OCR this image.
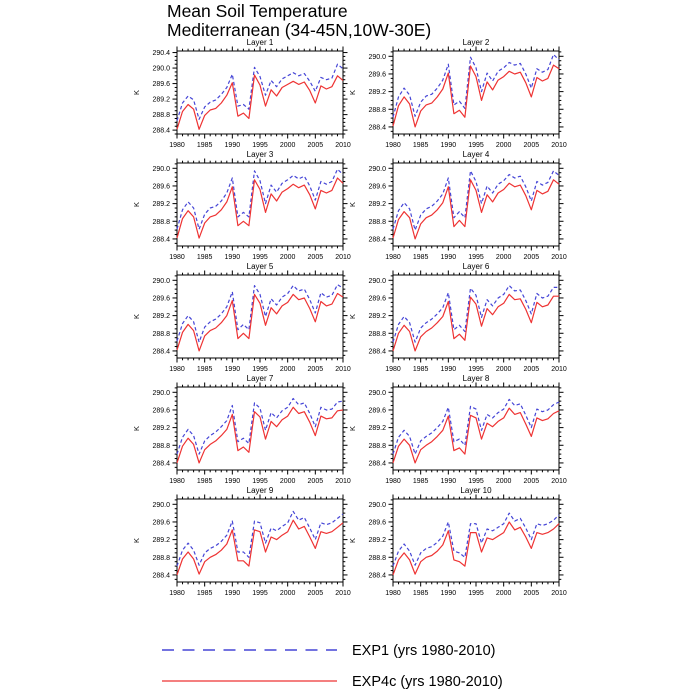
Mean Soil Temperature
Mediterranean (34-45N,10W-30E)
1980 1985 1990 1995 2000 2005 2010
288.4
288.8
289.2
289.6
290.0
290.4
Layer 1
K
1980 1985 1990 1995 2000 2005 2010
288.4
288.8
289.2
289.6
290.0
Layer 2
K
1980 1985 1990 1995 2000 2005 2010
288.4
288.8
289.2
289.6
290.0
Layer 3
K
1980 1985 1990 1995 2000 2005 2010
288.4
288.8
289.2
289.6
290.0
Layer 4
K
1980 1985 1990 1995 2000 2005 2010
288.4
288.8
289.2
289.6
290.0
Layer 5
K
1980 1985 1990 1995 2000 2005 2010
288.4
288.8
289.2
289.6
290.0
Layer 6
K
1980 1985 1990 1995 2000 2005 2010
288.4
288.8
289.2
289.6
290.0
Layer 7
K
1980 1985 1990 1995 2000 2005 2010
288.4
288.8
289.2
289.6
290.0
Layer 8
K
1980 1985 1990 1995 2000 2005 2010
288.4
288.8
289.2
289.6
290.0
Layer 9
K
1980 1985 1990 1995 2000 2005 2010
288.4
288.8
289.2
289.6
290.0
Layer 10
K
EXP1 (yrs 1980-2010)
EXP4c (yrs 1980-2010)
